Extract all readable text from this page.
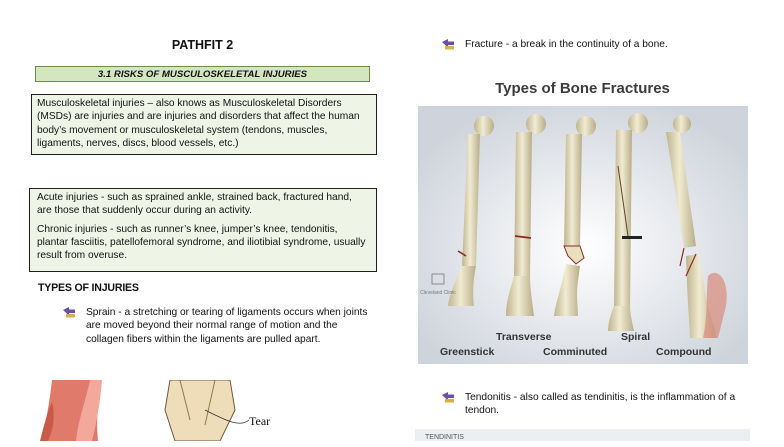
PATHFIT 2
3.1 RISKS OF MUSCULOSKELETAL INJURIES
Musculoskeletal injuries – also knows as Musculoskeletal Disorders (MSDs) are injuries and are injuries and disorders that affect the human body’s movement or musculoskeletal system (tendons, muscles, ligaments, nerves, discs, blood vessels, etc.)

Acute injuries - such as sprained ankle, strained back, fractured hand, are those that suddenly occur during an activity.

Chronic injuries - such as runner’s knee, jumper’s knee, tendonitis, plantar fasciitis, patellofemoral syndrome, and iliotibial syndrome, usually result from overuse.

TYPES OF INJURIES
Sprain - a stretching or tearing of ligaments occurs when joints are moved beyond their normal range of motion and the collagen fibers within the ligaments are pulled apart.
Tear
Fracture - a break in the continuity of a bone.
Cleveland Clinic
Types of Bone Fractures
Greenstick
Transverse
Comminuted
Spiral
Compound
Tendonitis - also called as tendinitis, is the inflammation of a tendon.
TENDINITIS
